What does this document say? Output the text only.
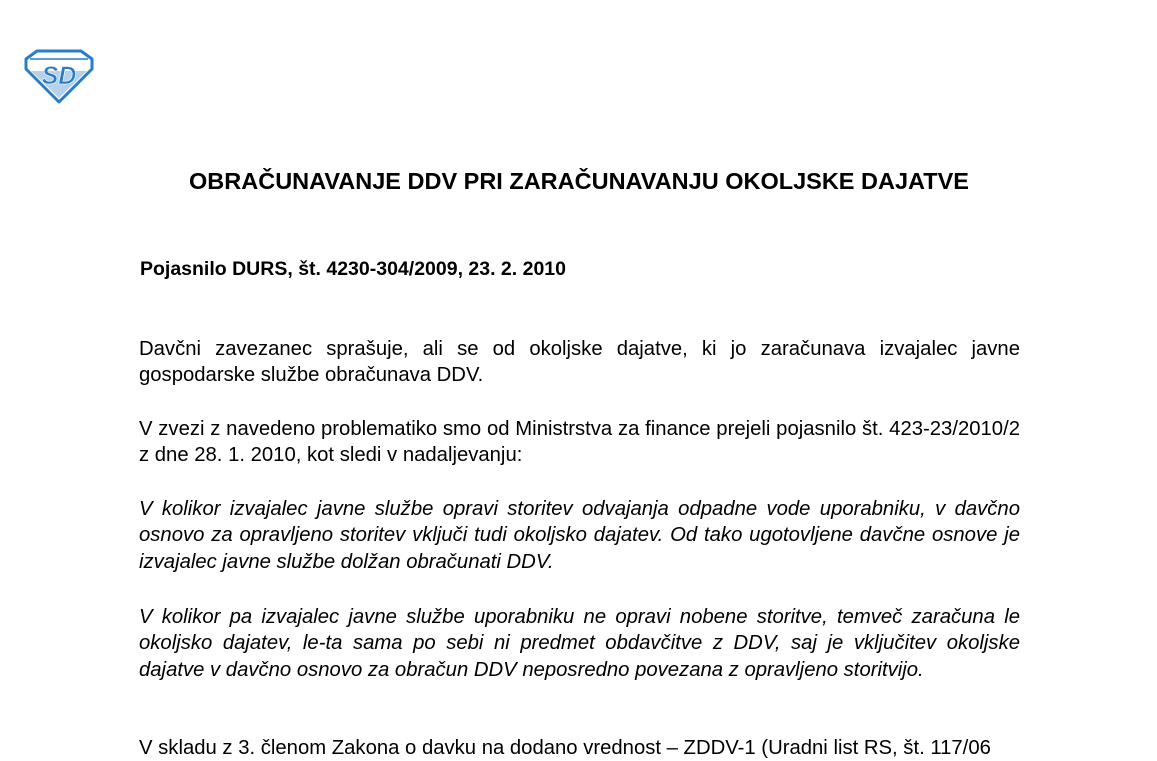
SD
OBRAČUNAVANJE DDV PRI ZARAČUNAVANJU OKOLJSKE DAJATVE

Pojasnilo DURS, št. 4230-304/2009, 23. 2. 2010

Davčni zavezanec sprašuje, ali se od okoljske dajatve, ki jo zaračunava izvajalec javne gospodarske službe obračunava DDV.

V zvezi z navedeno problematiko smo od Ministrstva za finance prejeli pojasnilo št. 423-23/2010/2 z dne 28. 1. 2010, kot sledi v nadaljevanju:

V kolikor izvajalec javne službe opravi storitev odvajanja odpadne vode uporabniku, v davčno osnovo za opravljeno storitev vključi tudi okoljsko dajatev. Od tako ugotovljene davčne osnove je izvajalec javne službe dolžan obračunati DDV.

V kolikor pa izvajalec javne službe uporabniku ne opravi nobene storitve, temveč zaračuna le okoljsko dajatev, le-ta sama po sebi ni predmet obdavčitve z DDV, saj je vključitev okoljske dajatve v davčno osnovo za obračun DDV neposredno povezana z opravljeno storitvijo.

V skladu z 3. členom Zakona o davku na dodano vrednost – ZDDV-1 (Uradni list RS, št. 117/06
